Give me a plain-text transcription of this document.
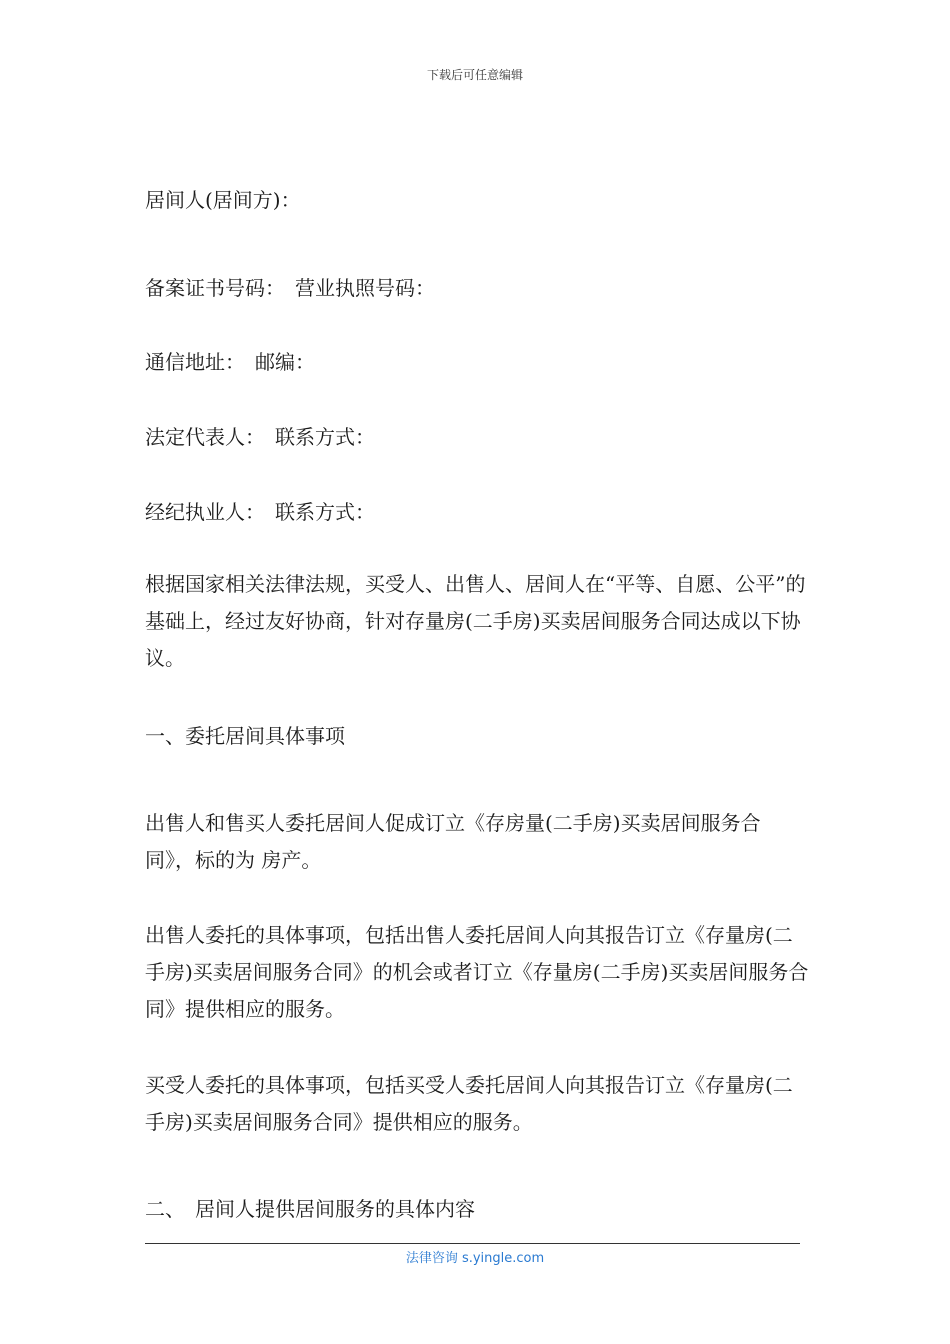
下载后可任意编辑

居间人(居间方)：

备案证书号码：　营业执照号码：

通信地址：　邮编：

法定代表人：　联系方式：

经纪执业人：　联系方式：

根据国家相关法律法规，买受人、出售人、居间人在“平等、自愿、公平”的基础上，经过友好协商，针对存量房(二手房)买卖居间服务合同达成以下协议。

一、委托居间具体事项

出售人和售买人委托居间人促成订立《存房量(二手房)买卖居间服务合同》，标的为 房产。

出售人委托的具体事项，包括出售人委托居间人向其报告订立《存量房(二手房)买卖居间服务合同》的机会或者订立《存量房(二手房)买卖居间服务合同》提供相应的服务。

买受人委托的具体事项，包括买受人委托居间人向其报告订立《存量房(二手房)买卖居间服务合同》提供相应的服务。

二、　居间人提供居间服务的具体内容

法律咨询 s.yingle.com
